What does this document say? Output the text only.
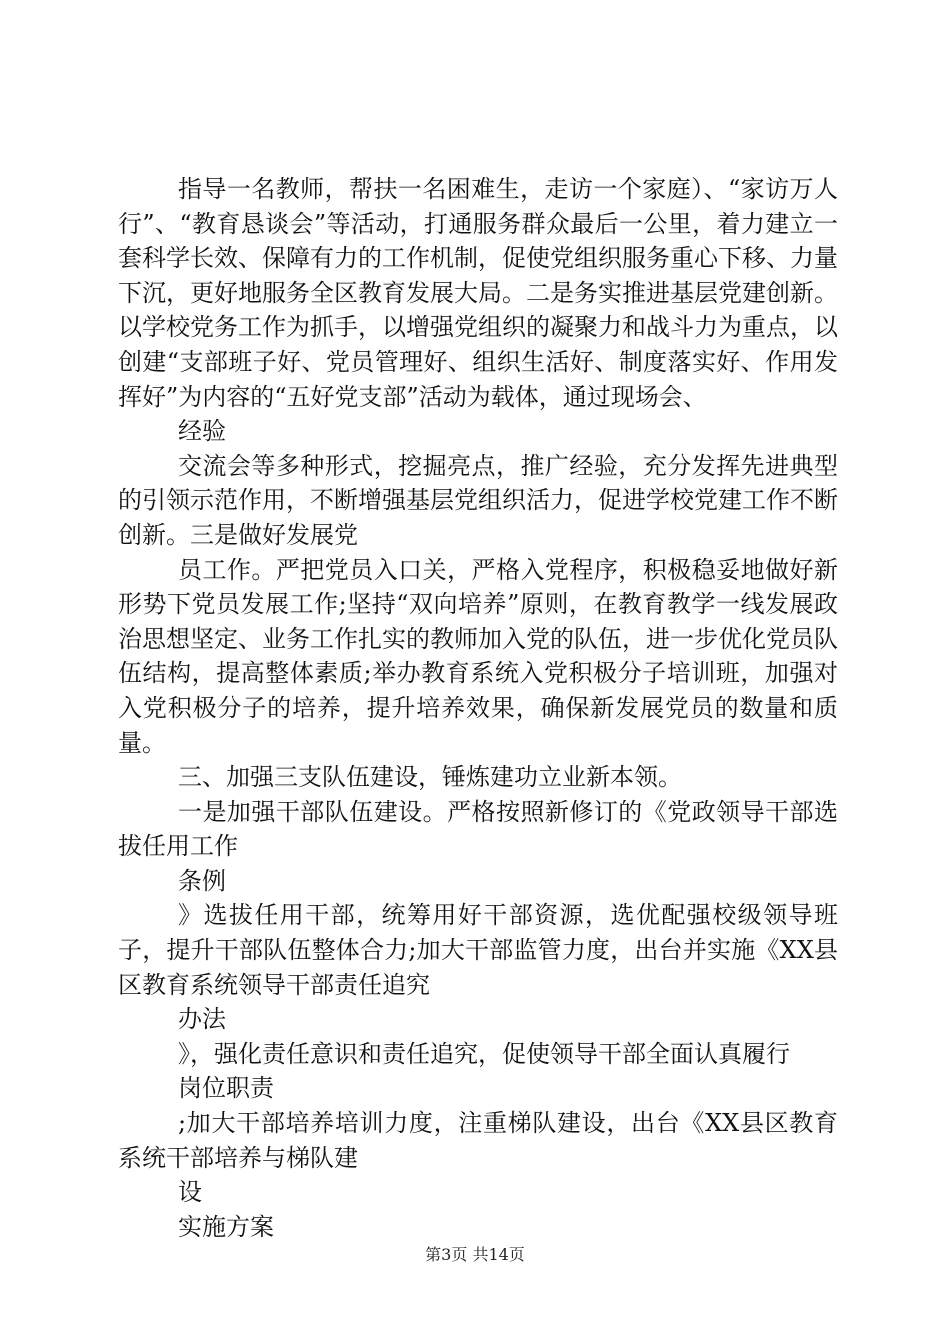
指导一名教师，帮扶一名困难生，走访一个家庭）、“家访万人行”、“教育恳谈会”等活动，打通服务群众最后一公里，着力建立一套科学长效、保障有力的工作机制，促使党组织服务重心下移、力量下沉，更好地服务全区教育发展大局。二是务实推进基层党建创新。以学校党务工作为抓手，以增强党组织的凝聚力和战斗力为重点，以创建“支部班子好、党员管理好、组织生活好、制度落实好、作用发挥好”为内容的“五好党支部”活动为载体，通过现场会、

经验

交流会等多种形式，挖掘亮点，推广经验，充分发挥先进典型的引领示范作用，不断增强基层党组织活力，促进学校党建工作不断创新。三是做好发展党

员工作。严把党员入口关，严格入党程序，积极稳妥地做好新形势下党员发展工作;坚持“双向培养”原则，在教育教学一线发展政治思想坚定、业务工作扎实的教师加入党的队伍，进一步优化党员队伍结构，提高整体素质;举办教育系统入党积极分子培训班，加强对入党积极分子的培养，提升培养效果，确保新发展党员的数量和质量。

三、加强三支队伍建设，锤炼建功立业新本领。

一是加强干部队伍建设。严格按照新修订的《党政领导干部选拔任用工作

条例

》选拔任用干部，统筹用好干部资源，选优配强校级领导班子，提升干部队伍整体合力;加大干部监管力度，出台并实施《XX县区教育系统领导干部责任追究

办法

》，强化责任意识和责任追究，促使领导干部全面认真履行

岗位职责

;加大干部培养培训力度，注重梯队建设，出台《XX县区教育系统干部培养与梯队建

设

实施方案

第3页 共14页
